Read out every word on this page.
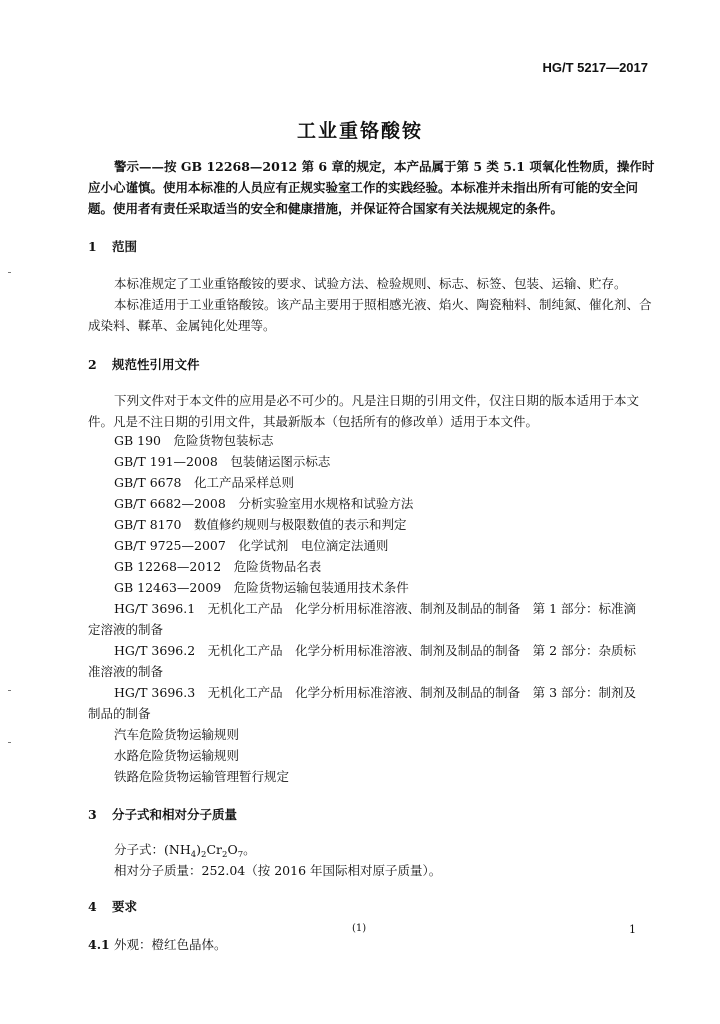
HG/T 5217—2017
工业重铬酸铵

警示——按 GB 12268—2012 第 6 章的规定，本产品属于第 5 类 5.1 项氧化性物质，操作时应小心谨慎。使用本标准的人员应有正规实验室工作的实践经验。本标准并未指出所有可能的安全问题。使用者有责任采取适当的安全和健康措施，并保证符合国家有关法规规定的条件。

1 范围

本标准规定了工业重铬酸铵的要求、试验方法、检验规则、标志、标签、包装、运输、贮存。

本标准适用于工业重铬酸铵。该产品主要用于照相感光液、焰火、陶瓷釉料、制纯氮、催化剂、合成染料、鞣革、金属钝化处理等。

2 规范性引用文件

下列文件对于本文件的应用是必不可少的。凡是注日期的引用文件，仅注日期的版本适用于本文件。凡是不注日期的引用文件，其最新版本（包括所有的修改单）适用于本文件。

GB 190　危险货物包装标志
GB/T 191—2008　包装储运图示标志
GB/T 6678　化工产品采样总则
GB/T 6682—2008　分析实验室用水规格和试验方法
GB/T 8170　数值修约规则与极限数值的表示和判定
GB/T 9725—2007　化学试剂　电位滴定法通则
GB 12268—2012　危险货物品名表
GB 12463—2009　危险货物运输包装通用技术条件
HG/T 3696.1　无机化工产品　化学分析用标准溶液、制剂及制品的制备　第 1 部分：标准滴
定溶液的制备
HG/T 3696.2　无机化工产品　化学分析用标准溶液、制剂及制品的制备　第 2 部分：杂质标
准溶液的制备
HG/T 3696.3　无机化工产品　化学分析用标准溶液、制剂及制品的制备　第 3 部分：制剂及
制品的制备
汽车危险货物运输规则
水路危险货物运输规则
铁路危险货物运输管理暂行规定
3 分子式和相对分子质量
分子式：$(NH_4)_2Cr_2O_7$。
相对分子质量：252.04（按 2016 年国际相对原子质量）。
4 要求
4.1 外观：橙红色晶体。
(1)	1
